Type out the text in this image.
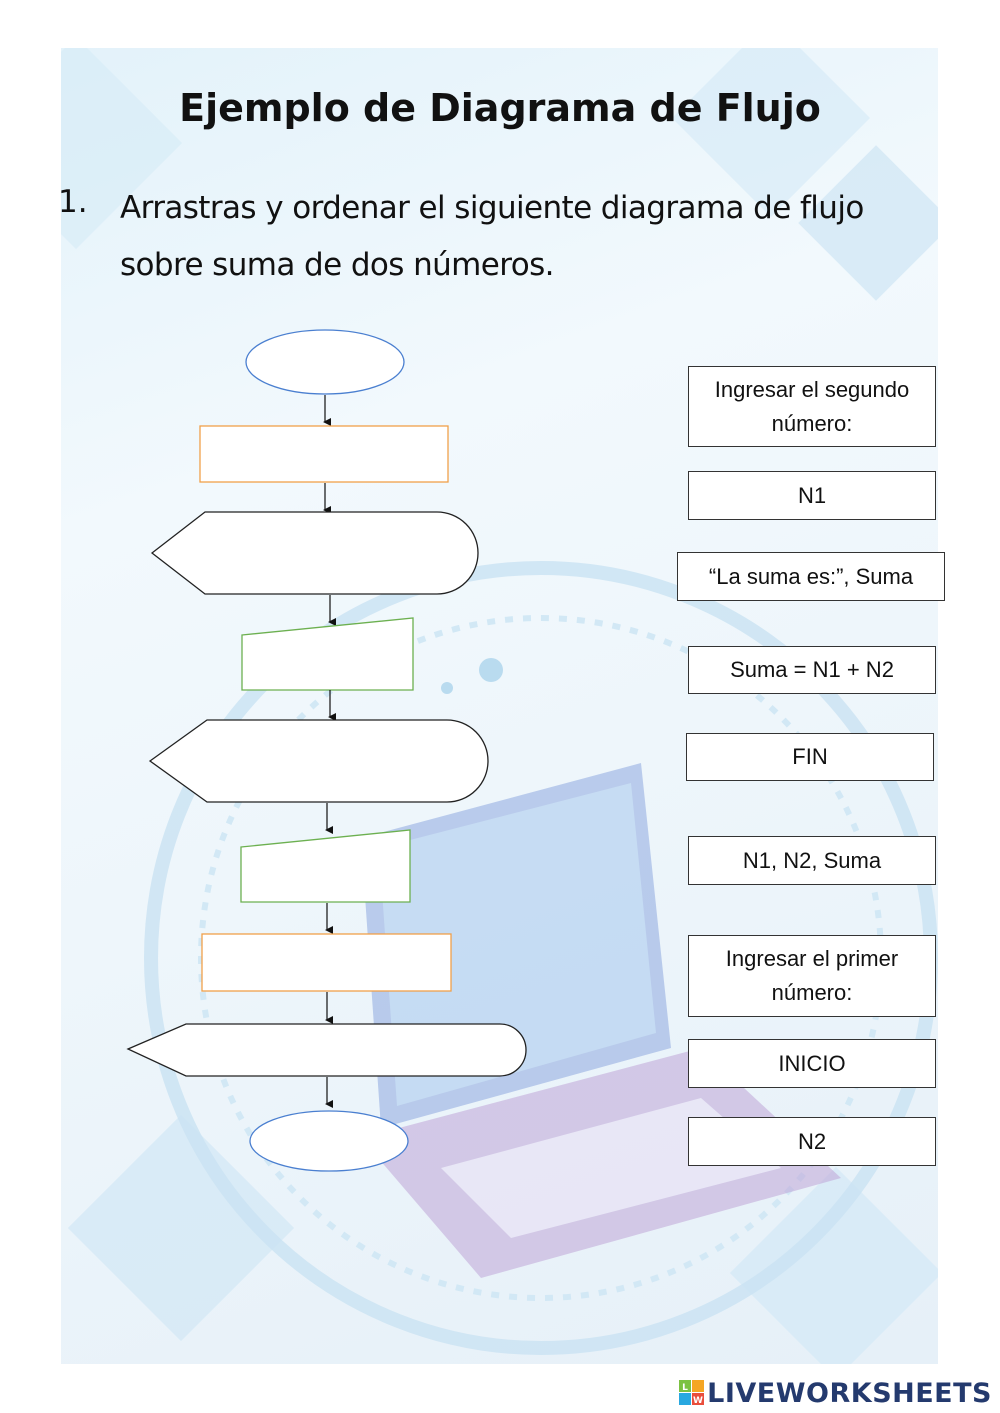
Ejemplo de Diagrama de Flujo
1. Arrastras y ordenar el siguiente diagrama de flujo sobre suma de dos números.
Ingresar el segundo número:
N1
“La suma es:”, Suma
Suma = N1 + N2
FIN
N1, N2, Suma
Ingresar el primer número:
INICIO
N2
L
W LIVEWORKSHEETS
